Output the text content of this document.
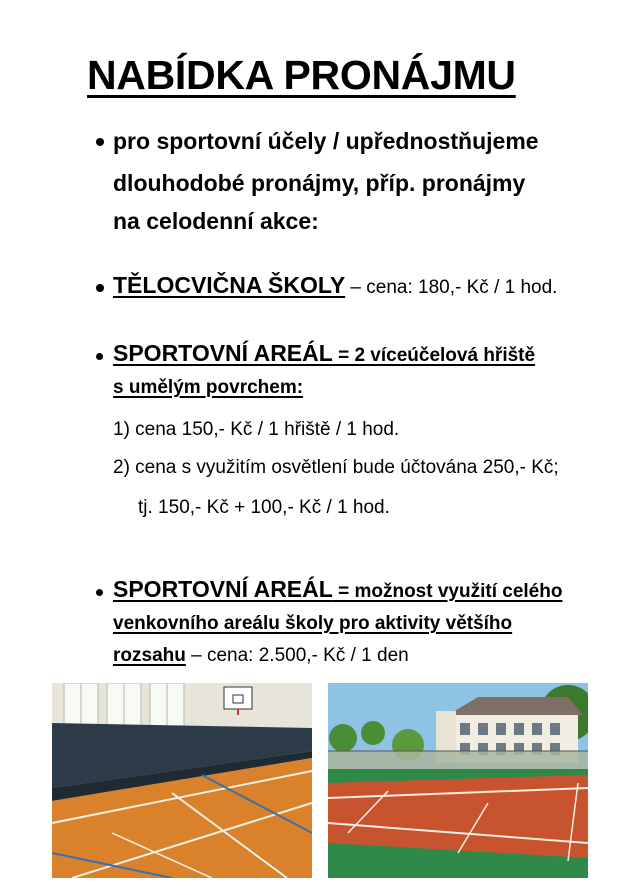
NABÍDKA PRONÁJMU
pro sportovní účely / upřednostňujeme
dlouhodobé pronájmy, příp. pronájmy
na celodenní akce:
TĚLOCVIČNA ŠKOLY – cena: 180,- Kč / 1 hod.
SPORTOVNÍ AREÁL = 2 víceúčelová hřiště
s umělým povrchem:
1) cena 150,- Kč / 1 hřiště / 1 hod.
2) cena s využitím osvětlení bude účtována 250,- Kč;
tj. 150,- Kč + 100,- Kč / 1 hod.
SPORTOVNÍ AREÁL = možnost využití celého
venkovního areálu školy pro aktivity většího
rozsahu – cena: 2.500,- Kč / 1 den
